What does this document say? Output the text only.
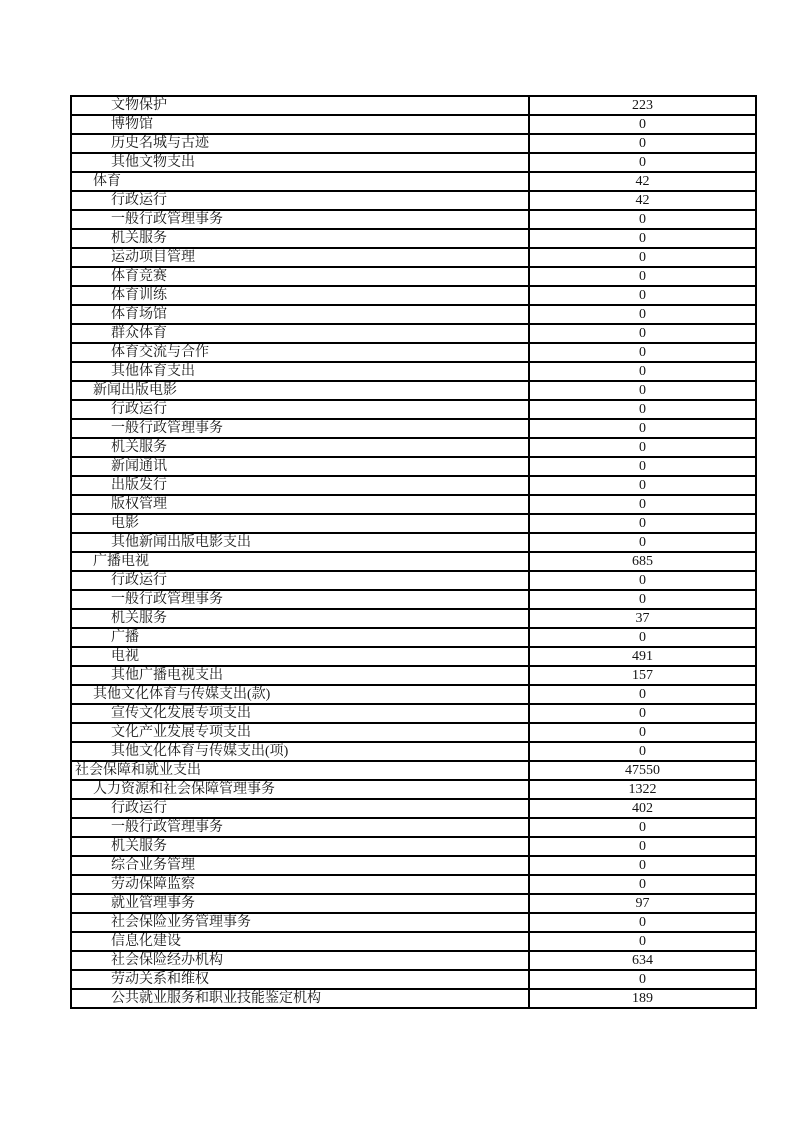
文物保护	223
博物馆	0
历史名城与古迹	0
其他文物支出	0
体育	42
行政运行	42
一般行政管理事务	0
机关服务	0
运动项目管理	0
体育竞赛	0
体育训练	0
体育场馆	0
群众体育	0
体育交流与合作	0
其他体育支出	0
新闻出版电影	0
行政运行	0
一般行政管理事务	0
机关服务	0
新闻通讯	0
出版发行	0
版权管理	0
电影	0
其他新闻出版电影支出	0
广播电视	685
行政运行	0
一般行政管理事务	0
机关服务	37
广播	0
电视	491
其他广播电视支出	157
其他文化体育与传媒支出(款)	0
宣传文化发展专项支出	0
文化产业发展专项支出	0
其他文化体育与传媒支出(项)	0
社会保障和就业支出	47550
人力资源和社会保障管理事务	1322
行政运行	402
一般行政管理事务	0
机关服务	0
综合业务管理	0
劳动保障监察	0
就业管理事务	97
社会保险业务管理事务	0
信息化建设	0
社会保险经办机构	634
劳动关系和维权	0
公共就业服务和职业技能鉴定机构	189
